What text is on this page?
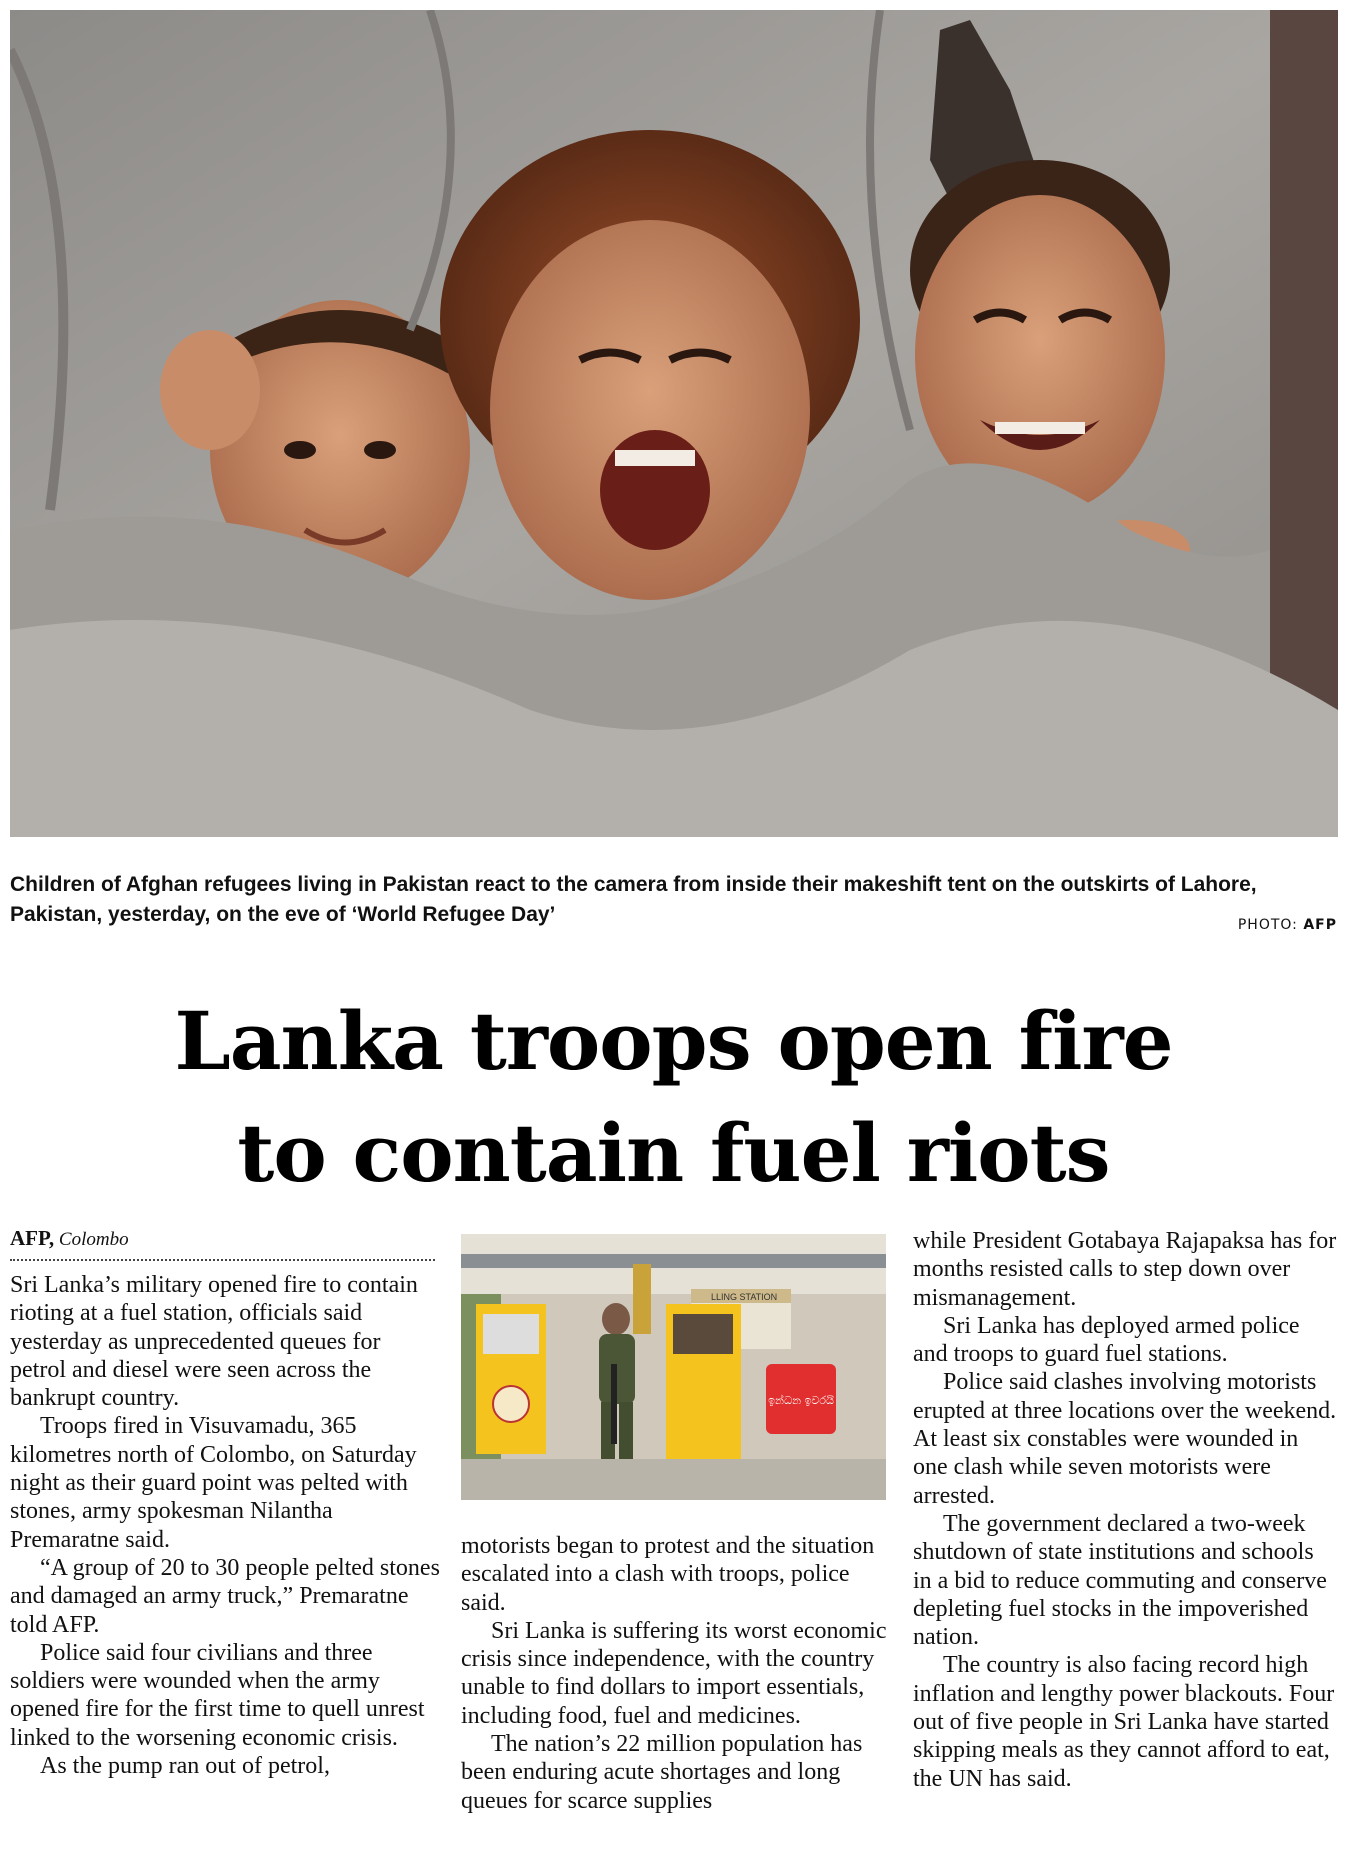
Children of Afghan refugees living in Pakistan react to the camera from inside their makeshift tent on the outskirts of Lahore, Pakistan, yesterday, on the eve of ‘World Refugee Day’	PHOTO: AFP
Lanka troops open fire
to contain fuel riots
AFP, Colombo

Sri Lanka’s military opened fire to contain rioting at a fuel station, officials said yesterday as unprecedented queues for petrol and diesel were seen across the bankrupt country.

Troops fired in Visuvamadu, 365 kilometres north of Colombo, on Saturday night as their guard point was pelted with stones, army spokesman Nilantha Premaratne said.

“A group of 20 to 30 people pelted stones and damaged an army truck,” Premaratne told AFP.

Police said four civilians and three soldiers were wounded when the army opened fire for the first time to quell unrest linked to the worsening economic crisis.

As the pump ran out of petrol,

LLING STATION
ඉන්ධන ඉවරයි

motorists began to protest and the situation escalated into a clash with troops, police said.

Sri Lanka is suffering its worst economic crisis since independence, with the country unable to find dollars to import essentials, including food, fuel and medicines.

The nation’s 22 million population has been enduring acute shortages and long queues for scarce supplies

while President Gotabaya Rajapaksa has for months resisted calls to step down over mismanagement.

Sri Lanka has deployed armed police and troops to guard fuel stations.

Police said clashes involving motorists erupted at three locations over the weekend. At least six constables were wounded in one clash while seven motorists were arrested.

The government declared a two-week shutdown of state institutions and schools in a bid to reduce commuting and conserve depleting fuel stocks in the impoverished nation.

The country is also facing record high inflation and lengthy power blackouts. Four out of five people in Sri Lanka have started skipping meals as they cannot afford to eat, the UN has said.
